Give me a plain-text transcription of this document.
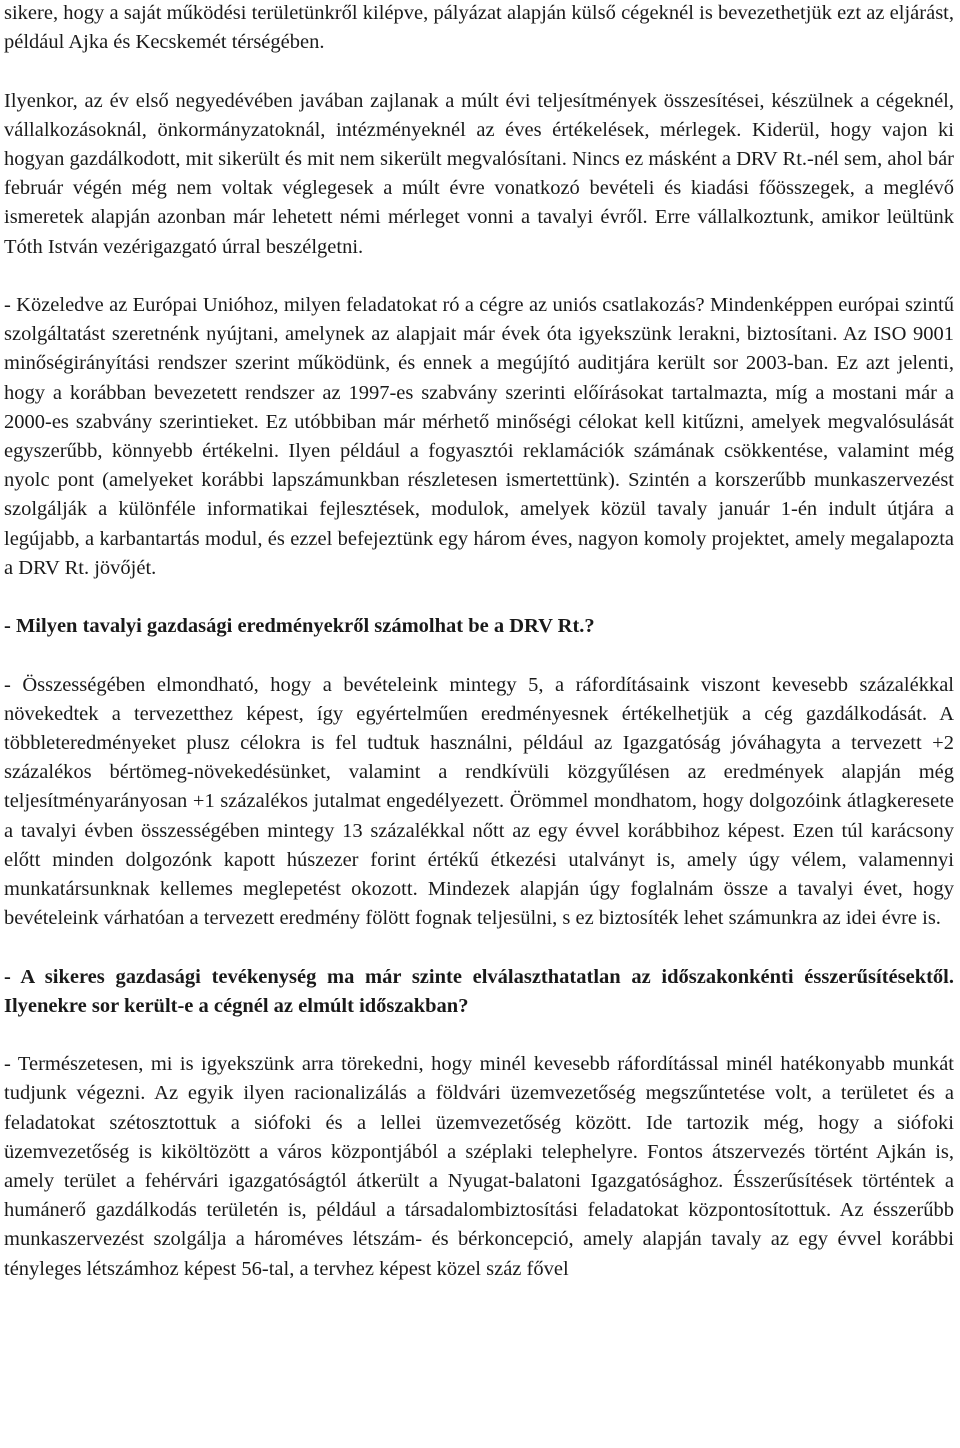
sikere, hogy a saját működési területünkről kilépve, pályázat alapján külső cégeknél is bevezethetjük ezt az eljárást, például Ajka és Kecskemét térségében.

Ilyenkor, az év első negyedévében javában zajlanak a múlt évi teljesítmények összesítései, készülnek a cégeknél, vállalkozásoknál, önkormányzatoknál, intézményeknél az éves értékelések, mérlegek. Kiderül, hogy vajon ki hogyan gazdálkodott, mit sikerült és mit nem sikerült megvalósítani. Nincs ez másként a DRV Rt.-nél sem, ahol bár február végén még nem voltak véglegesek a múlt évre vonatkozó bevételi és kiadási főösszegek, a meglévő ismeretek alapján azonban már lehetett némi mérleget vonni a tavalyi évről. Erre vállalkoztunk, amikor leültünk Tóth István vezérigazgató úrral beszélgetni.

- Közeledve az Európai Unióhoz, milyen feladatokat ró a cégre az uniós csatlakozás? Mindenképpen európai szintű szolgáltatást szeretnénk nyújtani, amelynek az alapjait már évek óta igyekszünk lerakni, biztosítani. Az ISO 9001 minőségirányítási rendszer szerint működünk, és ennek a megújító auditjára került sor 2003-ban. Ez azt jelenti, hogy a korábban bevezetett rendszer az 1997-es szabvány szerinti előírásokat tartalmazta, míg a mostani már a 2000-es szabvány szerintieket. Ez utóbbiban már mérhető minőségi célokat kell kitűzni, amelyek megvalósulását egyszerűbb, könnyebb értékelni. Ilyen például a fogyasztói reklamációk számának csökkentése, valamint még nyolc pont (amelyeket korábbi lapszámunkban részletesen ismertettünk). Szintén a korszerűbb munkaszervezést szolgálják a különféle informatikai fejlesztések, modulok, amelyek közül tavaly január 1-én indult útjára a legújabb, a karbantartás modul, és ezzel befejeztünk egy három éves, nagyon komoly projektet, amely megalapozta a DRV Rt. jövőjét.

- Milyen tavalyi gazdasági eredményekről számolhat be a DRV Rt.?

- Összességében elmondható, hogy a bevételeink mintegy 5, a ráfordításaink viszont kevesebb százalékkal növekedtek a tervezetthez képest, így egyértelműen eredményesnek értékelhetjük a cég gazdálkodását. A többleteredményeket plusz célokra is fel tudtuk használni, például az Igazgatóság jóváhagyta a tervezett +2 százalékos bértömeg-növekedésünket, valamint a rendkívüli közgyűlésen az eredmények alapján még teljesítményarányosan +1 százalékos jutalmat engedélyezett. Örömmel mondhatom, hogy dolgozóink átlagkeresete a tavalyi évben összességében mintegy 13 százalékkal nőtt az egy évvel korábbihoz képest. Ezen túl karácsony előtt minden dolgozónk kapott húszezer forint értékű étkezési utalványt is, amely úgy vélem, valamennyi munkatársunknak kellemes meglepetést okozott. Mindezek alapján úgy foglalnám össze a tavalyi évet, hogy bevételeink várhatóan a tervezett eredmény fölött fognak teljesülni, s ez biztosíték lehet számunkra az idei évre is.

- A sikeres gazdasági tevékenység ma már szinte elválaszthatatlan az időszakonkénti ésszerűsítésektől. Ilyenekre sor került-e a cégnél az elmúlt időszakban?

- Természetesen, mi is igyekszünk arra törekedni, hogy minél kevesebb ráfordítással minél hatékonyabb munkát tudjunk végezni. Az egyik ilyen racionalizálás a földvári üzemvezetőség megszűntetése volt, a területet és a feladatokat szétosztottuk a siófoki és a lellei üzemvezetőség között. Ide tartozik még, hogy a siófoki üzemvezetőség is kiköltözött a város központjából a széplaki telephelyre. Fontos átszervezés történt Ajkán is, amely terület a fehérvári igazgatóságtól átkerült a Nyugat-balatoni Igazgatósághoz. Ésszerűsítések történtek a humánerő gazdálkodás területén is, például a társadalombiztosítási feladatokat központosítottuk. Az ésszerűbb munkaszervezést szolgálja a hároméves létszám- és bérkoncepció, amely alapján tavaly az egy évvel korábbi tényleges létszámhoz képest 56-tal, a tervhez képest közel száz fővel
